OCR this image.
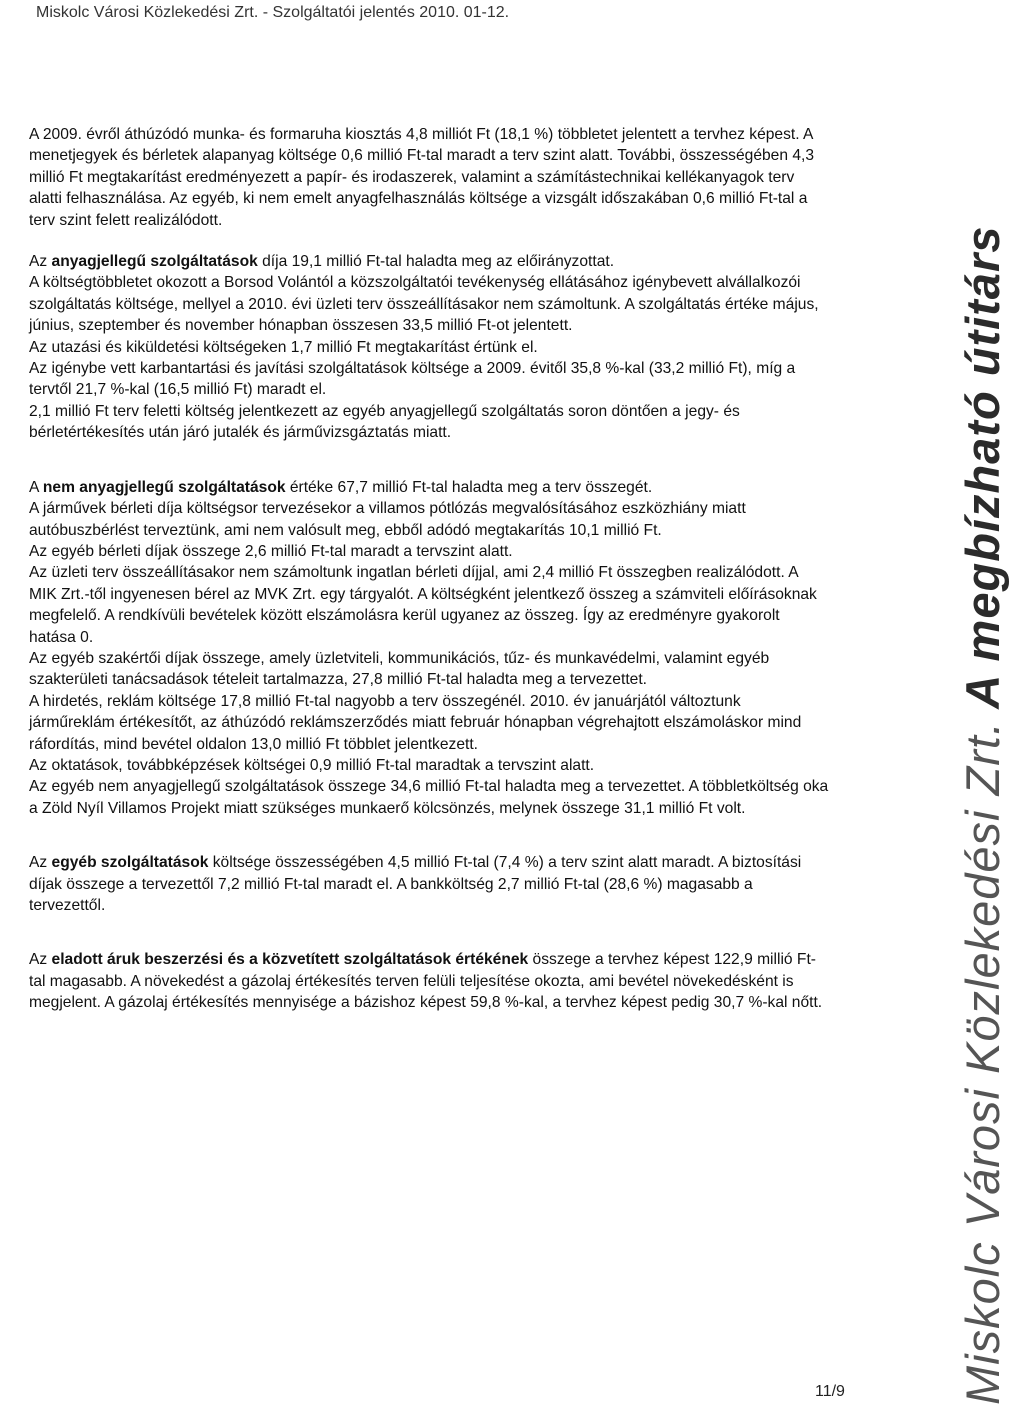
Miskolc Városi Közlekedési Zrt. - Szolgáltatói jelentés 2010. 01-12.

A 2009. évről áthúzódó munka- és formaruha kiosztás 4,8 milliót Ft (18,1 %) többletet jelentett a tervhez képest. A menetjegyek és bérletek alapanyag költsége 0,6 millió Ft-tal maradt a terv szint alatt. További, összességében 4,3 millió Ft megtakarítást eredményezett a papír- és irodaszerek, valamint a számítástechnikai kellékanyagok terv alatti felhasználása. Az egyéb, ki nem emelt anyagfelhasználás költsége a vizsgált időszakában 0,6 millió Ft-tal a terv szint felett realizálódott.

Az anyagjellegű szolgáltatások díja 19,1 millió Ft-tal haladta meg az előirányzottat.

A költségtöbbletet okozott a Borsod Volántól a közszolgáltatói tevékenység ellátásához igénybevett alvállalkozói szolgáltatás költsége, mellyel a 2010. évi üzleti terv összeállításakor nem számoltunk. A szolgáltatás értéke május, június, szeptember és november hónapban összesen 33,5 millió Ft-ot jelentett.

Az utazási és kiküldetési költségeken 1,7 millió Ft megtakarítást értünk el.

Az igénybe vett karbantartási és javítási szolgáltatások költsége a 2009. évitől 35,8 %-kal (33,2 millió Ft), míg a tervtől 21,7 %-kal (16,5 millió Ft) maradt el.

2,1 millió Ft terv feletti költség jelentkezett az egyéb anyagjellegű szolgáltatás soron döntően a jegy- és bérletértékesítés után járó jutalék és járművizsgáztatás miatt.

A nem anyagjellegű szolgáltatások értéke 67,7 millió Ft-tal haladta meg a terv összegét.

A járművek bérleti díja költségsor tervezésekor a villamos pótlózás megvalósításához eszközhiány miatt autóbuszbérlést terveztünk, ami nem valósult meg, ebből adódó megtakarítás 10,1 millió Ft.

Az egyéb bérleti díjak összege 2,6 millió Ft-tal maradt a tervszint alatt.

Az üzleti terv összeállításakor nem számoltunk ingatlan bérleti díjjal, ami 2,4 millió Ft összegben realizálódott. A MIK Zrt.-től ingyenesen bérel az MVK Zrt. egy tárgyalót. A költségként jelentkező összeg a számviteli előírásoknak megfelelő. A rendkívüli bevételek között elszámolásra kerül ugyanez az összeg. Így az eredményre gyakorolt hatása 0.

Az egyéb szakértői díjak összege, amely üzletviteli, kommunikációs, tűz- és munkavédelmi, valamint egyéb szakterületi tanácsadások tételeit tartalmazza, 27,8 millió Ft-tal haladta meg a tervezettet.

A hirdetés, reklám költsége 17,8 millió Ft-tal nagyobb a terv összegénél. 2010. év januárjától változtunk járműreklám értékesítőt, az áthúzódó reklámszerződés miatt február hónapban végrehajtott elszámoláskor mind ráfordítás, mind bevétel oldalon 13,0 millió Ft többlet jelentkezett.

Az oktatások, továbbképzések költségei 0,9 millió Ft-tal maradtak a tervszint alatt.

Az egyéb nem anyagjellegű szolgáltatások összege 34,6 millió Ft-tal haladta meg a tervezettet. A többletköltség oka a Zöld Nyíl Villamos Projekt miatt szükséges munkaerő kölcsönzés, melynek összege 31,1 millió Ft volt.

Az egyéb szolgáltatások költsége összességében 4,5 millió Ft-tal (7,4 %) a terv szint alatt maradt. A biztosítási díjak összege a tervezettől 7,2 millió Ft-tal maradt el. A bankköltség 2,7 millió Ft-tal (28,6 %) magasabb a tervezettől.

Az eladott áruk beszerzési és a közvetített szolgáltatások értékének összege a tervhez képest 122,9 millió Ft-tal magasabb. A növekedést a gázolaj értékesítés terven felüli teljesítése okozta, ami bevétel növekedésként is megjelent. A gázolaj értékesítés mennyisége a bázishoz képest 59,8 %-kal, a tervhez képest pedig 30,7 %-kal nőtt.	Miskolc Városi Közlekedési Zrt. A megbízható útitárs
11/9
